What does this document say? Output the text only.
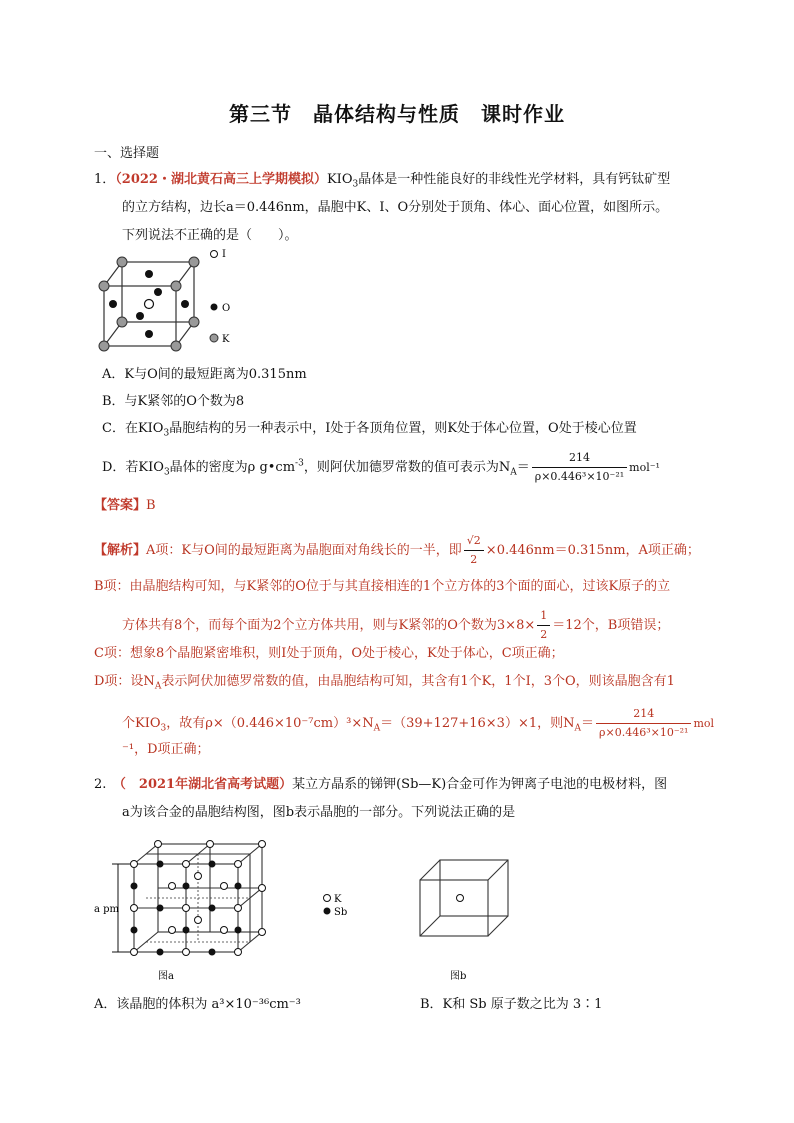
第三节　晶体结构与性质　课时作业
一、选择题
1．（2022・湖北黄石高三上学期模拟）$KIO_3$晶体是一种性能良好的非线性光学材料，具有钙钛矿型
的立方结构，边长a＝0.446nm，晶胞中K、I、O分别处于顶角、体心、面心位置，如图所示。
下列说法不正确的是（　　）。
I
O
K
A．K与O间的最短距离为0.315nm
B．与K紧邻的O个数为8
C．在$KIO_3$晶胞结构的另一种表示中，I处于各顶角位置，则K处于体心位置，O处于棱心位置
D．若$KIO_3$晶体的密度为ρ $g•cm^{-3}$，则阿伏加德罗常数的值可表示为$N_A= \frac{214}{\text{ρ×0.446³×10⁻²¹}} mol^{-1}$
【答案】B
【解析】A项：K与O间的最短距离为晶胞面对角线长的一半，即 $\frac{√2}{2} \times 0.446nm=0.315nm$，A项正确；
B项：由晶胞结构可知，与K紧邻的O位于与其直接相连的1个立方体的3个面的面心，过该K原子的立
方体共有8个，而每个面为2个立方体共用，则与K紧邻的O个数为$3\times 8\times \frac{1}{2} =12$个，B项错误；
C项：想象8个晶胞紧密堆积，则I处于顶角，O处于棱心，K处于体心，C项正确；
D项：设$N_A$表示阿伏加德罗常数的值，由晶胞结构可知，其含有1个K，1个I，3个O，则该晶胞含有1
个$KIO_3$，故有$\rho\times(0.446\times 10^{-7}cm)^3\times N_A=(39+127+16\times 3)\times 1$，则$N_A= \frac{214}{\text{ρ×0.446³×10⁻²¹}}$ mol
⁻¹，D项正确；
2.　（　2021年湖北省高考试题）某立方晶系的锑钾(Sb—K)合金可作为钾离子电池的电极材料，图
a为该合金的晶胞结构图，图b表示晶胞的一部分。下列说法正确的是
a pm
图a
K
Sb
图b
A．该晶胞的体积为 a³×10⁻³⁶cm⁻³	B．K和 Sb 原子数之比为 3∶1
